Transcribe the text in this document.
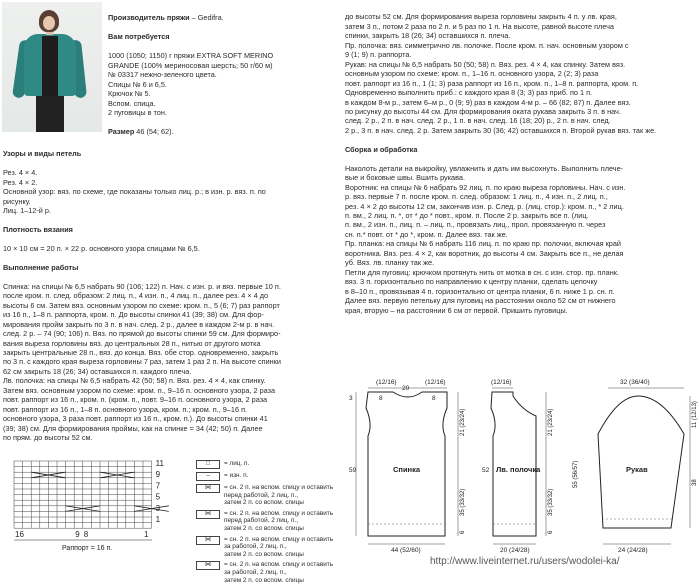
Производитель пряжи – Gedifra.

Вам потребуется

1000 (1050; 1150) г пряжи EXTRA SOFT MERINO
GRANDE (100% мериносовая шерсть; 50 г/60 м)
№ 03317 нежно-зеленого цвета.
Спицы № 6 и 6,5.
Крючок № 5.
Вспом. спица.
2 пуговицы в тон.

Размер 46 (54; 62).

Узоры и виды петель

Рез. 4 × 4.
Рез. 4 × 2.
Основной узор: вяз. по схеме, где показаны только лиц. р.; в изн. р. вяз. п. по
рисунку.
Лиц. 1–12-й р.

Плотность вязания

10 × 10 см = 20 п. × 22 р. основного узора спицами № 6,5.

Выполнение работы

Спинка: на спицы № 6,5 набрать 90 (106; 122) п. Нач. с изн. р. и вяз. первые 10 п.
после кром. п. след. образом: 2 лиц. п., 4 изн. п., 4 лиц. п., далее рез. 4 × 4 до
высоты 6 см. Затем вяз. основным узором по схеме: кром. п., 5 (6; 7) раз раппорт
из 16 п., 1–8 п. раппорта, кром. п. До высоты спинки 41 (39; 38) см. Для фор-
мирования пройм закрыть по 3 п. в нач. след. 2 р., далее в каждом 2-м р. в нач.
след. 2 р. – 74 (90; 106) п. Вяз. по прямой до высоты спинки 59 см. Для формиро-
вания выреза горловины вяз. до центральных 28 п., нитью от другого мотка
закрыть центральные 28 п., вяз. до конца. Вяз. обе стор. одновременно, закрыть
по 3 п. с каждого края выреза горловины 7 раз, затем 1 раз 2 п. На высоте спинки
62 см закрыть 18 (26; 34) оставшихся п. каждого плеча.
Лв. полочка: на спицы № 6,5 набрать 42 (50; 58) п. Вяз. рез. 4 × 4, как спинку.
Затем вяз. основным узором по схеме: кром. п., 9–16 п. основного узора, 2 раза
повт. раппорт из 16 п., кром. п. (кром. п., повт. 9–16 п. основного узора, 2 раза
повт. раппорт из 16 п., 1–8 п. основного узора, кром. п.; кром. п., 9–16 п.
основного узора, 3 раза повт. раппорт из 16 п., кром. п.). До высоты спинки 41
(39; 38) см. Для формирования проймы, как на спинке = 34 (42; 50) п. Далее
по прям. до высоты 52 см.

до высоты 52 см. Для формирования выреза горловины закрыть 4 п. у лв. края,
затем 3 п., потом 2 раза по 2 п. и 5 раз по 1 п. На высоте, равной высоте плеча
спинки, закрыть 18 (26; 34) оставшихся п. плеча.
Пр. полочка: вяз. симметрично лв. полочке. После кром. п. нач. основным узором с
9 (1; 9) п. раппорта.
Рукав: на спицы № 6,5 набрать 50 (50; 58) п. Вяз. рез. 4 × 4, как спинку. Затем вяз.
основным узором по схеме: кром. п., 1–16 п. основного узора, 2 (2; 3) раза
повт. раппорт из 16 п., 1 (1; 3) раза раппорт из 16 п., кром. п., 1–8 п. раппорта, кром. п.
Одновременно выполнить приб.: с каждого края 8 (3; 3) раз приб. по 1 п.
в каждом 8-м р., затем 6–м р., 0 (9; 9) раз в каждом 4-м р. – 66 (82; 87) п. Далее вяз.
по рисунку до высоты 44 см. Для формирования оката рукава закрыть 3 п. в нач.
след. 2 р., 2 п. в нач. след. 2 р., 1 п. в нач. след. 16 (18; 20) р., 2 п. в нач. след.
2 р., 3 п. в нач. след. 2 р. Затем закрыть 30 (36; 42) оставшихся п. Второй рукав вяз. так же.

Сборка и обработка

Наколоть детали на выкройку, увлажнить и дать им высохнуть. Выполнить плече-
вые и боковые швы. Вшить рукава.
Воротник: на спицы № 6 набрать 92 лиц. п. по краю выреза горловины. Нач. с изн.
р. вяз. первые 7 п. после кром. п. след. образом: 1 лиц. п., 4 изн. п., 2 лиц. п.,
рез. 4 × 2 до высоты 12 см, закончив изн. р. След. р. (лиц. стор.): кром. п., * 2 лиц.
п. вм., 2 лиц. п. *, от * до * повт., кром. п. После 2 р. закрыть все п. (лиц.
п. вм., 2 изн. п., лиц. п. – лиц. п., провязать лиц., прол. провязанную п. через
сн. п.* повт. от * до *, кром. п. Далее вяз. так же.
Пр. планка: на спицы № 6 набрать 116 лиц. п. по краю пр. полочки, включая край
воротника. Вяз. рез. 4 × 2, как воротник, до высоты 4 см. Закрыть все п., не делая
уб. Вяз. лв. планку так же.
Петли для пуговиц: крючком протянуть нить от мотка в сн. с изн. стор. пр. планк.
вяз. 3 п. горизонтально по направлению к центру планки, сделать цепочку
в 8–10 п., провязывая 4 п. горизонтально от центра планки, 6 п. ниже 1 р. сн. п.
Далее вяз. первую петельку для пуговиц на расстоянии около 52 см от нижнего
края, вторую – на расстоянии 6 см от первой. Пришить пуговицы.

11
9
7
5
3
1
16	9 8	1
Раппорт = 16 п.
□	= лиц. п.
–	= изн. п.
⋈	= сн. 2 п. на вспом. спицу и оставить
перед работой, 2 лиц. п.,
затем 2 п. со вспом. спицы
⋈	= сн. 2 п. на вспом. спицу и оставить
перед работой, 2 лиц. п.,
затем 2 п. со вспом. спицы
⋈	= сн. 2 п. на вспом. спицу и оставить
за работой, 2 лиц. п.,
затем 2 п. со вспом. спицы
⋈	= сн. 2 п. на вспом. спицу и оставить
за работой, 2 лиц. п.,
затем 2 п. со вспом. спицы
(12/16)
20
(12/16)
8	8
3
59
44 (52/60)
(12/16)
52
20 (24/28)
32 (36/40)
24 (24/28)
21 (23/24)
35 (33/32)
6
21 (23/24)
35 (33/32)
6
55 (56/57)	38
11 (12/13)
Спинка	Лв. полочка	Рукав
http://www.liveinternet.ru/users/wodolei-ka/
